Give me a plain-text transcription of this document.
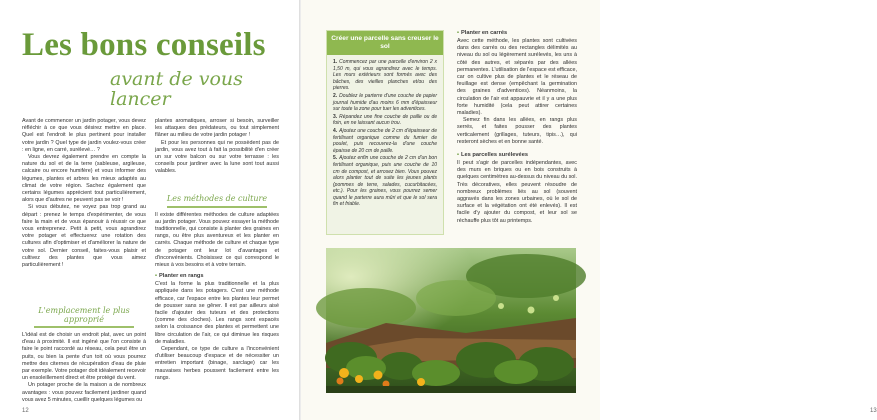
Les bons conseils
avant de vous lancer

Avant de commencer un jardin potager, vous devez réfléchir à ce que vous désirez mettre en place. Quel est l'endroit le plus pertinent pour installer votre jardin ? Quel type de jardin voulez-vous créer : en ligne, en carré, surélevé… ?

Vous devrez également prendre en compte la nature du sol et de la terre (sableuse, argileuse, calcaire ou encore humifère) et vous informer des légumes, plantes et arbres les mieux adaptés au climat de votre région. Sachez également que certains légumes apprécient tout particulièrement, alors que d'autres ne peuvent pas se voir !

Si vous débutez, ne voyez pas trop grand au départ : prenez le temps d'expérimenter, de vous faire la main et de vous épanouir à réussir ce que vous entreprenez. Petit à petit, vous agrandirez votre potager et effectuerez une rotation des cultures afin d'optimiser et d'améliorer la nature de votre sol. Dernier conseil, faites-vous plaisir et cultivez des plantes que vous aimez particulièrement !

L'emplacement le plus approprié

L'idéal est de choisir un endroit plat, avec un point d'eau à proximité. Il est ingéné que l'on consiste à faire le point raccordé au réseau, cela peut être un puits, ou bien la pente d'un toit où vous pourrez mettre des citernes de récupération d'eau de pluie par exemple. Votre potager doit idéalement recevoir un ensoleillement direct et être protégé du vent.

Un potager proche de la maison a de nombreux avantages : vous pouvez facilement jardiner quand vous avez 5 minutes, cueillir quelques légumes ou

plantes aromatiques, arroser si besoin, surveiller les attaques des prédateurs, ou tout simplement flâner au milieu de votre jardin potager !

Et pour les personnes qui ne possèdent pas de jardin, vous avez tout à fait la possibilité d'en créer un sur votre balcon ou sur votre terrasse : les conseils pour jardiner avec la lune sont tout aussi valables.

Les méthodes de culture

Il existe différentes méthodes de culture adaptées au jardin potager. Vous pouvez essayer la méthode traditionnelle, qui consiste à planter des graines en rangs, ou être plus aventureux et les planter en carrés. Chaque méthode de culture et chaque type de potager ont leur lot d'avantages et d'inconvénients. Choisissez ce qui correspond le mieux à vos besoins et à votre terrain.

• Planter en rangs

C'est la forme la plus traditionnelle et la plus appliquée dans les potagers. C'est une méthode efficace, car l'espace entre les plantes leur permet de pousser sans se gêner. Il est par ailleurs aisé facile d'ajouter des tuteurs et des protections (comme des cloches). Les rangs sont espacés selon la croissance des plantes et permettent une libre circulation de l'air, ce qui diminue les risques de maladies.

Cependant, ce type de culture a l'inconvénient d'utiliser beaucoup d'espace et de nécessiter un entretien important (binage, sarclage) car les mauvaises herbes poussent facilement entre les rangs.

12	13
Créer une parcelle sans creuser le sol
1. Commencez par une parcelle d'environ 2 x 1,50 m, qui vous agrandirez avec le temps. Les murs extérieurs sont formés avec des bâches, des vieilles planches et/ou des pierres.
2. Doublez le parterre d'une couche de papier journal humide d'au moins 6 mm d'épaisseur sur toute la zone pour tuer les adventices.
3. Répandez une fine couche de paille ou de foin, en ne laissant aucun trou.
4. Ajoutez une couche de 2 cm d'épaisseur de fertilisant organique comme du fumier de poulet, puis recouvrez-la d'une couche épaisse de 20 cm de paille.
5. Ajoutez enfin une couche de 2 cm d'un bon fertilisant organique, puis une couche de 10 cm de compost, et arrosez bien. Vous pouvez alors planter tout de suite les jeunes plants (pommes de terre, salades, cucurbitacées, etc.). Pour les graines, vous pourrez semer quand le parterre aura mûri et que le sol sera fin et friable.

• Planter en carrés

Avec cette méthode, les plantes sont cultivées dans des carrés ou des rectangles délimités au niveau du sol ou légèrement surélevés, les uns à côté des autres, et séparés par des allées permanentes. L'utilisation de l'espace est efficace, car on cultive plus de plantes et le réseau de feuillage est dense (empêchant la germination des graines d'adventices). Néanmoins, la circulation de l'air est appauvrie et il y a une plus forte humidité (cela peut attirer certaines maladies).

Semez fin dans les allées, en rangs plus serrés, et faites pousser des plantes verticalement (grillages, tuteurs, tipis…), qui resteront sèches et en bonne santé.

• Les parcelles surélevées

Il peut s'agir de parcelles indépendantes, avec des murs en briques ou en bois construits à quelques centimètres au-dessus du niveau du sol. Très décoratives, elles peuvent résoudre de nombreux problèmes liés au sol (souvent aggravés dans les zones urbaines, où le sol de surface et la végétation ont été enlevés). Il est facile d'y ajouter du compost, et leur sol se réchauffe plus tôt au printemps.
